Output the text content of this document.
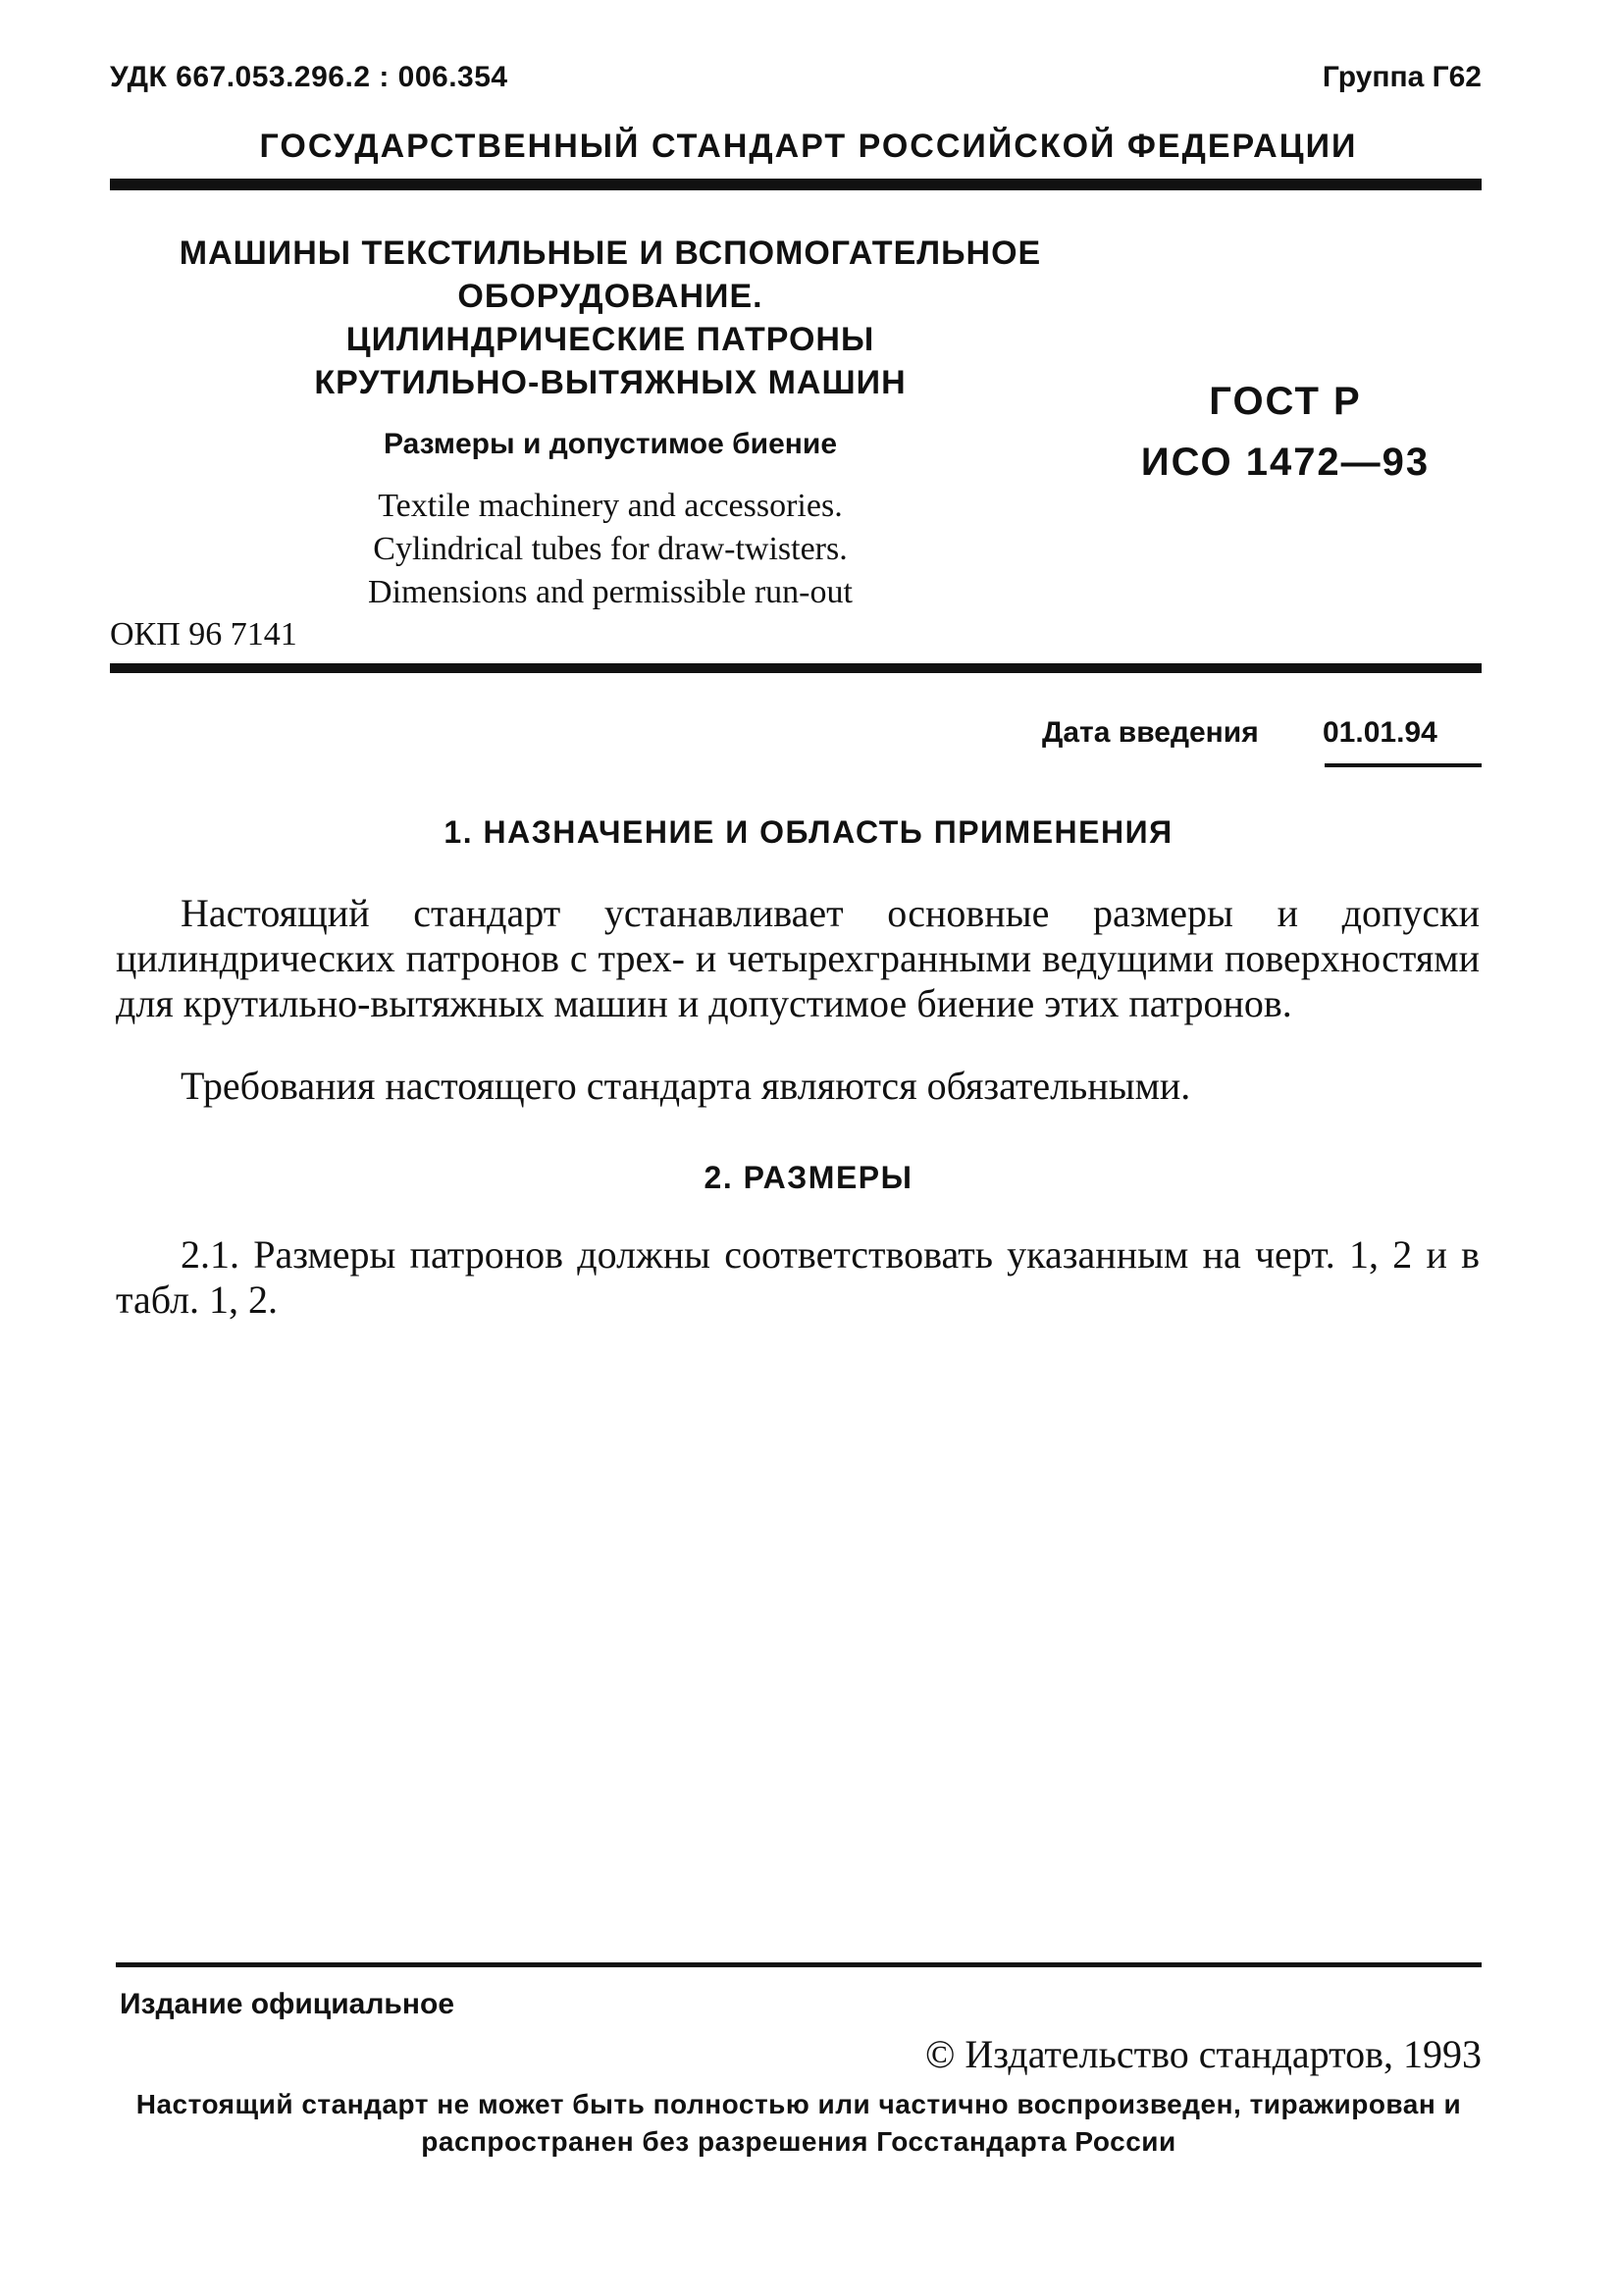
УДК 667.053.296.2 : 006.354	Группа Г62
ГОСУДАРСТВЕННЫЙ СТАНДАРТ РОССИЙСКОЙ ФЕДЕРАЦИИ
МАШИНЫ ТЕКСТИЛЬНЫЕ И ВСПОМОГАТЕЛЬНОЕ
ОБОРУДОВАНИЕ.
ЦИЛИНДРИЧЕСКИЕ ПАТРОНЫ
КРУТИЛЬНО-ВЫТЯЖНЫХ МАШИН
Размеры и допустимое биение
Textile machinery and accessories.
Cylindrical tubes for draw-twisters.
Dimensions and permissible run-out
ОКП 96 7141
ГОСТ Р
ИСО 1472—93
Дата введения 01.01.94
1. НАЗНАЧЕНИЕ И ОБЛАСТЬ ПРИМЕНЕНИЯ
Настоящий стандарт устанавливает основные размеры и допуски цилиндрических патронов с трех- и четырехгранными ведущими поверхностями для крутильно-вытяжных машин и допустимое биение этих патронов.
Требования настоящего стандарта являются обязательными.
2. РАЗМЕРЫ
2.1. Размеры патронов должны соответствовать указанным на черт. 1, 2 и в табл. 1, 2.
Издание официальное
© Издательство стандартов, 1993
Настоящий стандарт не может быть полностью или частично воспроизведен, тиражирован и распространен без разрешения Госстандарта России
